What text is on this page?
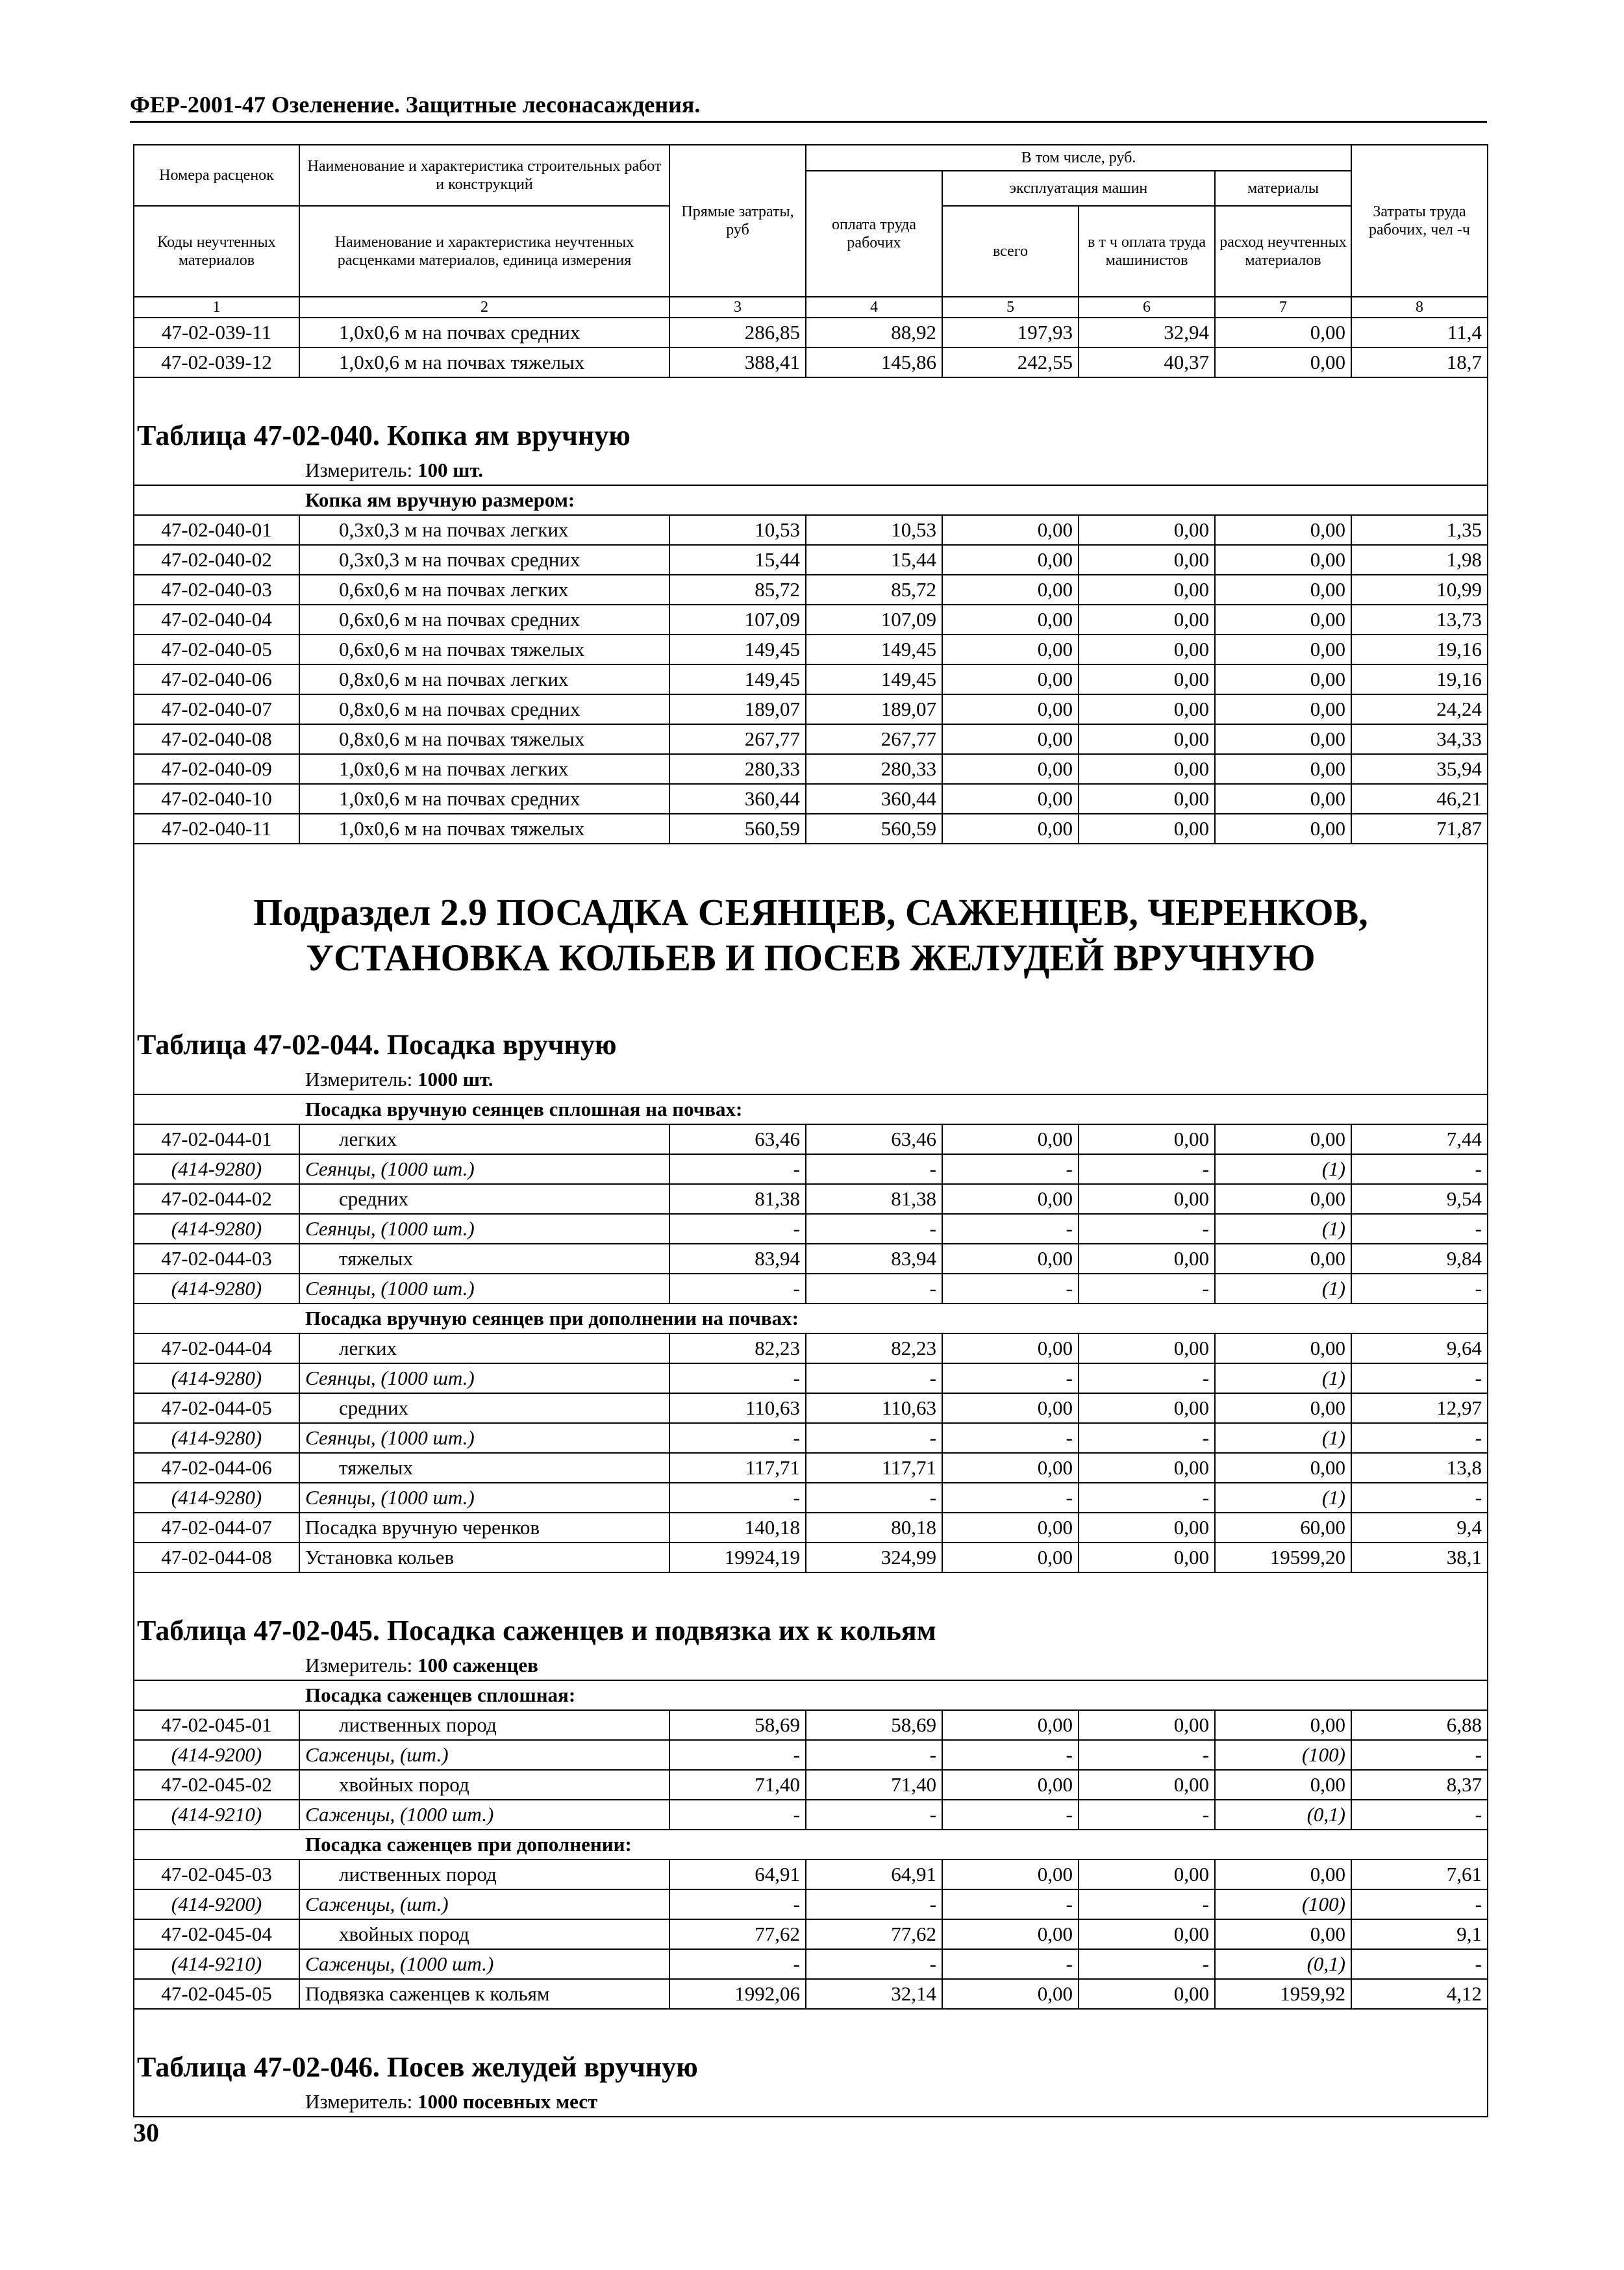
ФЕР-2001-47 Озеленение. Защитные лесонасаждения.
Номера расценок	Наименование и характеристика строительных работ и конструкций	Прямые затраты, руб	В том числе, руб.				Затраты труда рабочих, чел -ч
			оплата труда рабочих	эксплуатация машин		материалы	
Коды неучтенных материалов	Наименование и характеристика неучтенных расценками материалов, единица измерения			всего	в т ч оплата труда машинистов	расход неучтенных материалов	

1	2	3	4	5	6	7	8
47-02-039-11	1,0x0,6 м на почвах средних	286,85	88,92	197,93	32,94	0,00	11,4
47-02-039-12	1,0x0,6 м на почвах тяжелых	388,41	145,86	242,55	40,37	0,00	18,7
Таблица 47-02-040. Копка ям вручную							
Измеритель: 100 шт.							
Копка ям вручную размером:							
47-02-040-01	0,3x0,3 м на почвах легких	10,53	10,53	0,00	0,00	0,00	1,35
47-02-040-02	0,3x0,3 м на почвах средних	15,44	15,44	0,00	0,00	0,00	1,98
47-02-040-03	0,6x0,6 м на почвах легких	85,72	85,72	0,00	0,00	0,00	10,99
47-02-040-04	0,6x0,6 м на почвах средних	107,09	107,09	0,00	0,00	0,00	13,73
47-02-040-05	0,6x0,6 м на почвах тяжелых	149,45	149,45	0,00	0,00	0,00	19,16
47-02-040-06	0,8x0,6 м на почвах легких	149,45	149,45	0,00	0,00	0,00	19,16
47-02-040-07	0,8x0,6 м на почвах средних	189,07	189,07	0,00	0,00	0,00	24,24
47-02-040-08	0,8x0,6 м на почвах тяжелых	267,77	267,77	0,00	0,00	0,00	34,33
47-02-040-09	1,0x0,6 м на почвах легких	280,33	280,33	0,00	0,00	0,00	35,94
47-02-040-10	1,0x0,6 м на почвах средних	360,44	360,44	0,00	0,00	0,00	46,21
47-02-040-11	1,0x0,6 м на почвах тяжелых	560,59	560,59	0,00	0,00	0,00	71,87

Подраздел 2.9 ПОСАДКА СЕЯНЦЕВ, САЖЕНЦЕВ, ЧЕРЕНКОВ,
УСТАНОВКА КОЛЬЕВ И ПОСЕВ ЖЕЛУДЕЙ ВРУЧНУЮ							

Таблица 47-02-044. Посадка вручную							
Измеритель: 1000 шт.							
Посадка вручную сеянцев сплошная на почвах:							
47-02-044-01	легких	63,46	63,46	0,00	0,00	0,00	7,44
(414-9280)	Сеянцы, (1000 шт.)	-	-	-	-	(1)	-
47-02-044-02	средних	81,38	81,38	0,00	0,00	0,00	9,54
(414-9280)	Сеянцы, (1000 шт.)	-	-	-	-	(1)	-
47-02-044-03	тяжелых	83,94	83,94	0,00	0,00	0,00	9,84
(414-9280)	Сеянцы, (1000 шт.)	-	-	-	-	(1)	-
Посадка вручную сеянцев при дополнении на почвах:							
47-02-044-04	легких	82,23	82,23	0,00	0,00	0,00	9,64
(414-9280)	Сеянцы, (1000 шт.)	-	-	-	-	(1)	-
47-02-044-05	средних	110,63	110,63	0,00	0,00	0,00	12,97
(414-9280)	Сеянцы, (1000 шт.)	-	-	-	-	(1)	-
47-02-044-06	тяжелых	117,71	117,71	0,00	0,00	0,00	13,8
(414-9280)	Сеянцы, (1000 шт.)	-	-	-	-	(1)	-
47-02-044-07	Посадка вручную черенков	140,18	80,18	0,00	0,00	60,00	9,4
47-02-044-08	Установка кольев	19924,19	324,99	0,00	0,00	19599,20	38,1
Таблица 47-02-045. Посадка саженцев и подвязка их к кольям							
Измеритель: 100 саженцев							
Посадка саженцев сплошная:							
47-02-045-01	лиственных пород	58,69	58,69	0,00	0,00	0,00	6,88
(414-9200)	Саженцы, (шт.)	-	-	-	-	(100)	-
47-02-045-02	хвойных пород	71,40	71,40	0,00	0,00	0,00	8,37
(414-9210)	Саженцы, (1000 шт.)	-	-	-	-	(0,1)	-
Посадка саженцев при дополнении:							
47-02-045-03	лиственных пород	64,91	64,91	0,00	0,00	0,00	7,61
(414-9200)	Саженцы, (шт.)	-	-	-	-	(100)	-
47-02-045-04	хвойных пород	77,62	77,62	0,00	0,00	0,00	9,1
(414-9210)	Саженцы, (1000 шт.)	-	-	-	-	(0,1)	-
47-02-045-05	Подвязка саженцев к кольям	1992,06	32,14	0,00	0,00	1959,92	4,12
Таблица 47-02-046. Посев желудей вручную							
Измеритель: 1000 посевных мест							
30
